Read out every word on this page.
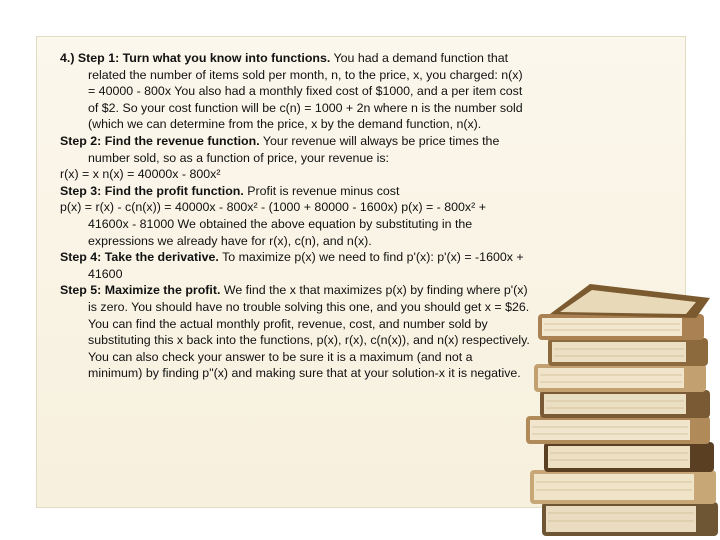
4.) Step 1: Turn what you know into functions. You had a demand function that related the number of items sold per month, n, to the price, x, you charged: n(x) = 40000 - 800x You also had a monthly fixed cost of $1000, and a per item cost of $2. So your cost function will be c(n) = 1000 + 2n where n is the number sold (which we can determine from the price, x by the demand function, n(x).

Step 2: Find the revenue function. Your revenue will always be price times the number sold, so as a function of price, your revenue is:

r(x) = x n(x) = 40000x - 800x²

Step 3: Find the profit function. Profit is revenue minus cost

p(x) = r(x) - c(n(x)) = 40000x - 800x² - (1000 + 80000 - 1600x) p(x) = - 800x² + 41600x - 81000 We obtained the above equation by substituting in the expressions we already have for r(x), c(n), and n(x).

Step 4: Take the derivative. To maximize p(x) we need to find p'(x): p'(x) = -1600x + 41600

Step 5: Maximize the profit. We find the x that maximizes p(x) by finding where p'(x) is zero. You should have no trouble solving this one, and you should get x = $26. You can find the actual monthly profit, revenue, cost, and number sold by substituting this x back into the functions, p(x), r(x), c(n(x)), and n(x) respectively. You can also check your answer to be sure it is a maximum (and not a minimum) by finding p"(x) and making sure that at your solution-x it is negative.
